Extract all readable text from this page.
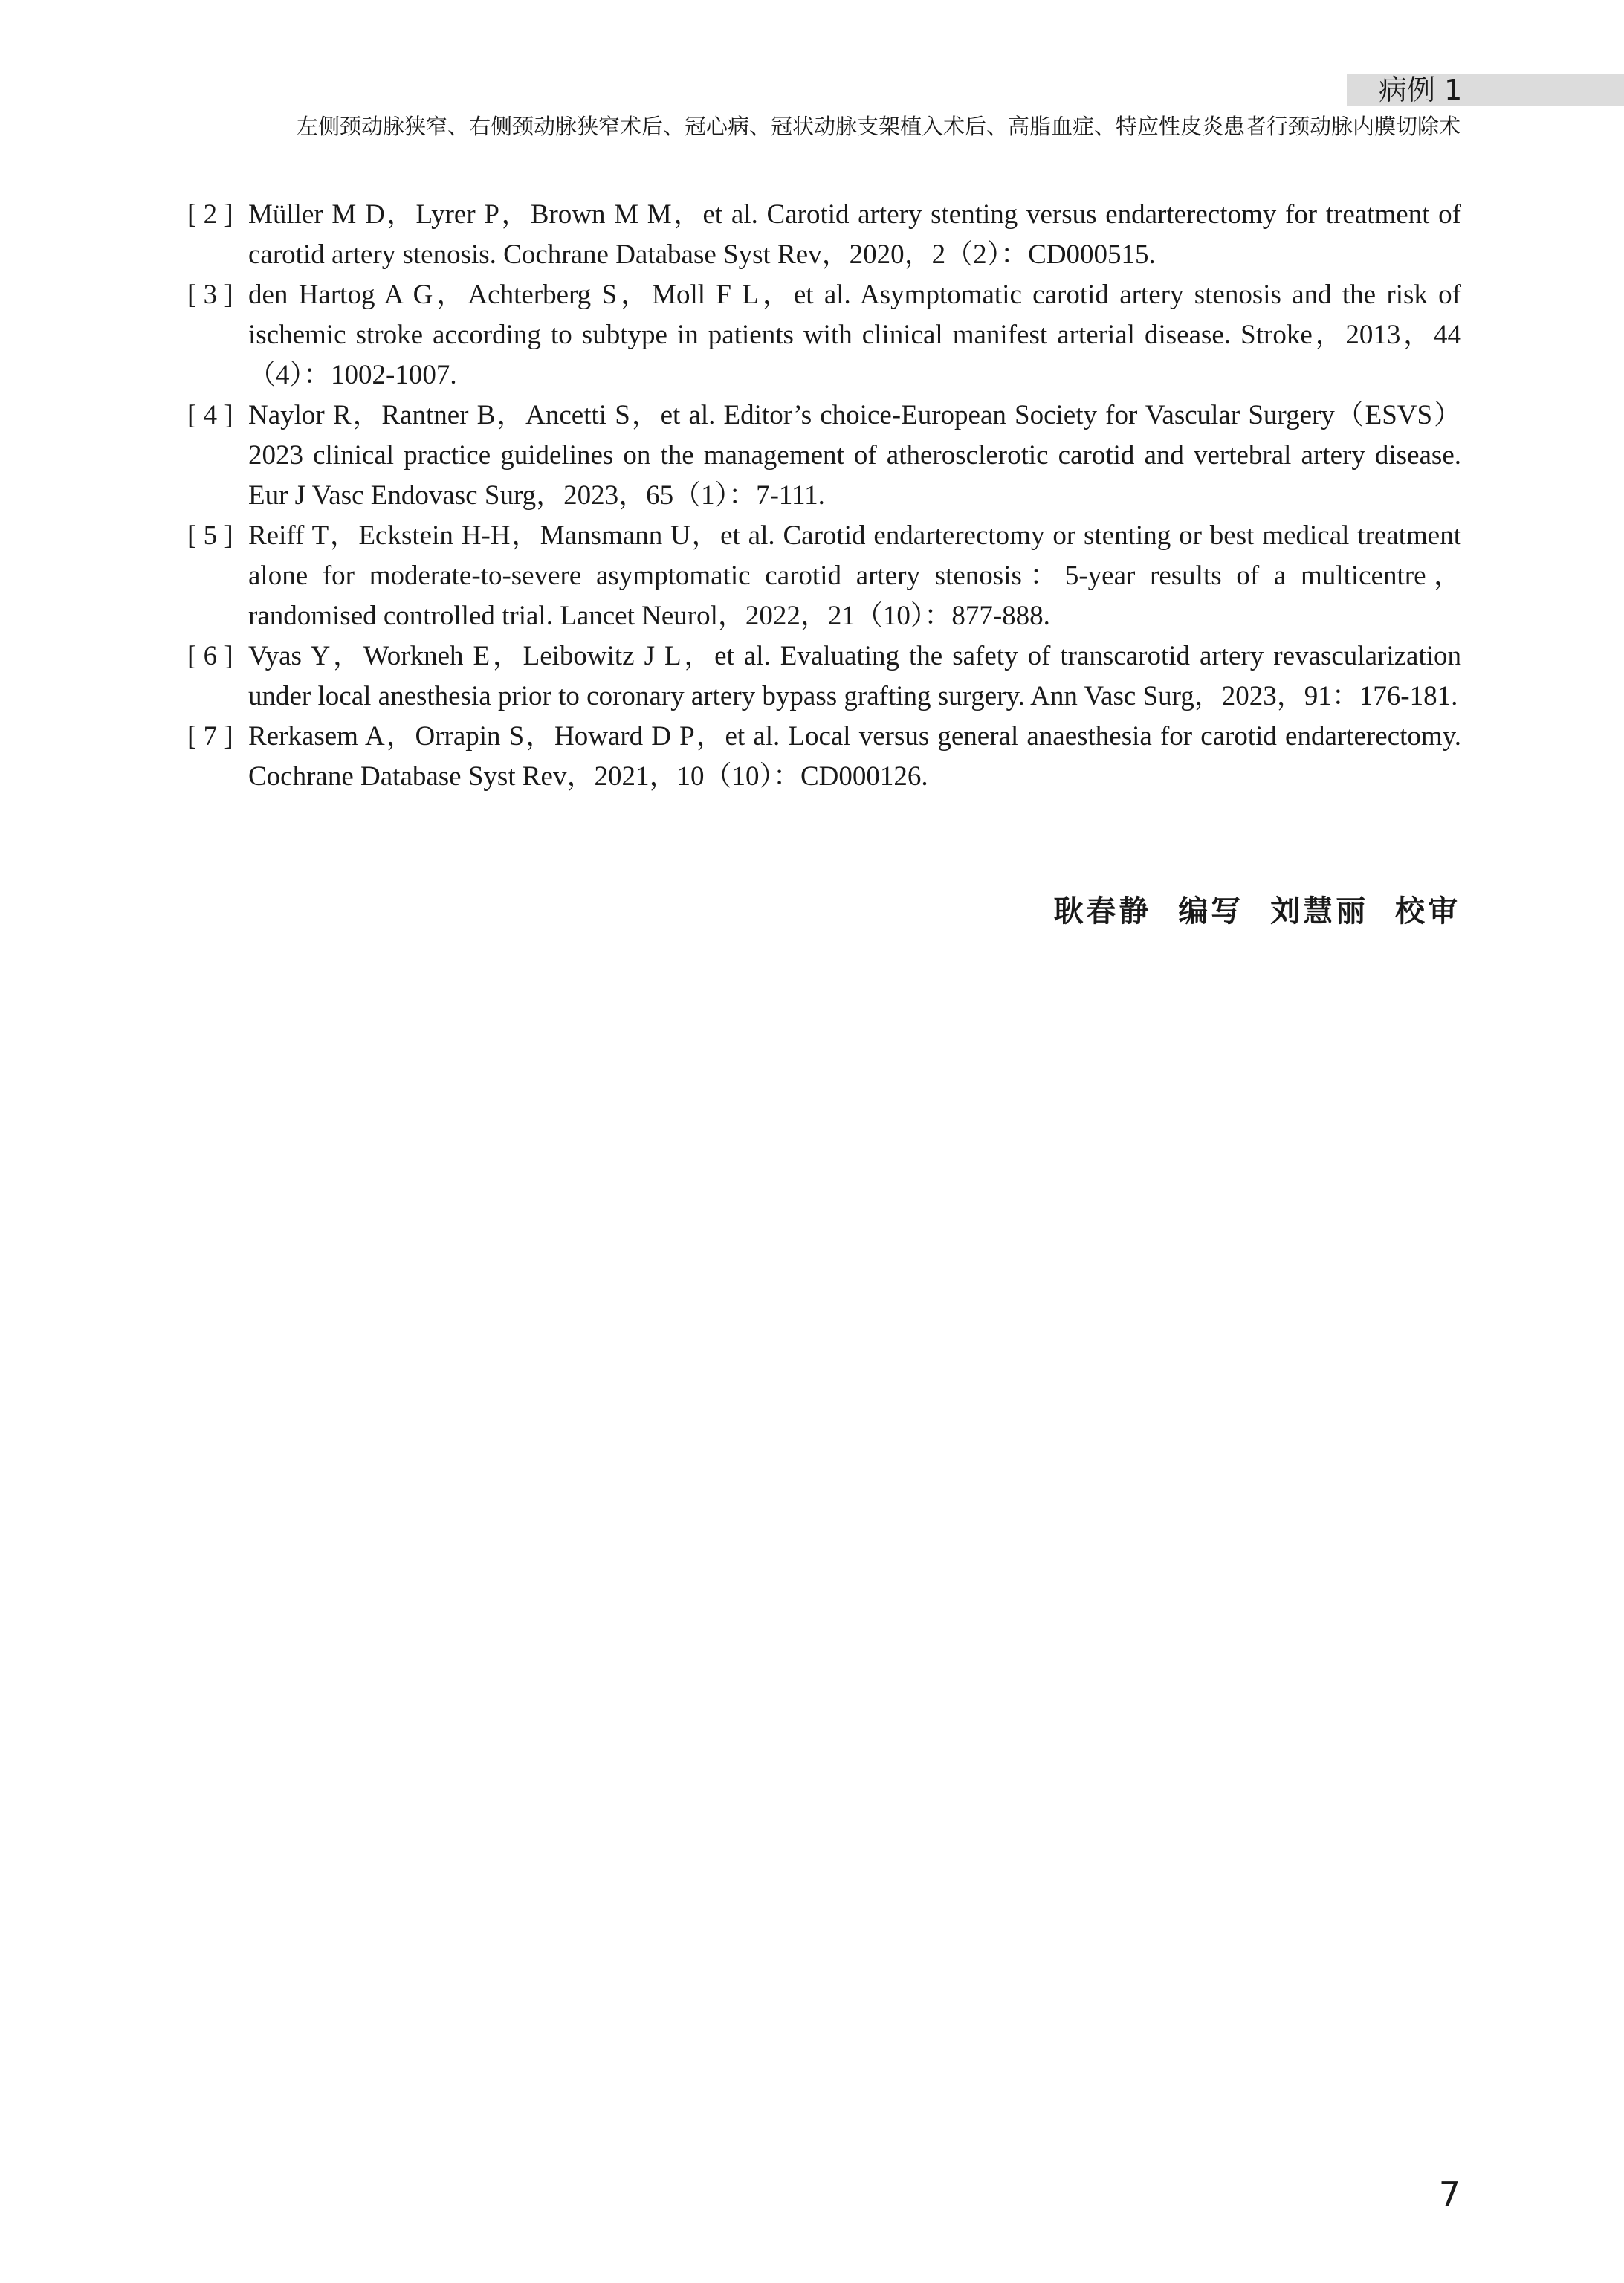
病例 1
左侧颈动脉狭窄、右侧颈动脉狭窄术后、冠心病、冠状动脉支架植入术后、高脂血症、特应性皮炎患者行颈动脉内膜切除术
[ 2 ] Müller M D，Lyrer P，Brown M M，et al. Carotid artery stenting versus endarterectomy for treatment of carotid artery stenosis. Cochrane Database Syst Rev，2020，2（2）：CD000515.
[ 3 ] den Hartog A G，Achterberg S，Moll F L，et al. Asymptomatic carotid artery stenosis and the risk of ischemic stroke according to subtype in patients with clinical manifest arterial disease. Stroke，2013，44（4）：1002-1007.
[ 4 ] Naylor R，Rantner B，Ancetti S，et al. Editor’s choice-European Society for Vascular Surgery（ESVS）2023 clinical practice guidelines on the management of atherosclerotic carotid and vertebral artery disease. Eur J Vasc Endovasc Surg，2023，65（1）：7-111.
[ 5 ] Reiff T，Eckstein H-H，Mansmann U，et al. Carotid endarterectomy or stenting or best medical treatment alone for moderate-to-severe asymptomatic carotid artery stenosis：5-year results of a multicentre，randomised controlled trial. Lancet Neurol，2022，21（10）：877-888.
[ 6 ] Vyas Y，Workneh E，Leibowitz J L，et al. Evaluating the safety of transcarotid artery revascularization under local anesthesia prior to coronary artery bypass grafting surgery. Ann Vasc Surg，2023，91：176-181.
[ 7 ] Rerkasem A，Orrapin S，Howard D P，et al. Local versus general anaesthesia for carotid endarterectomy. Cochrane Database Syst Rev，2021，10（10）：CD000126.
耿春静  编写  刘慧丽  校审
7
